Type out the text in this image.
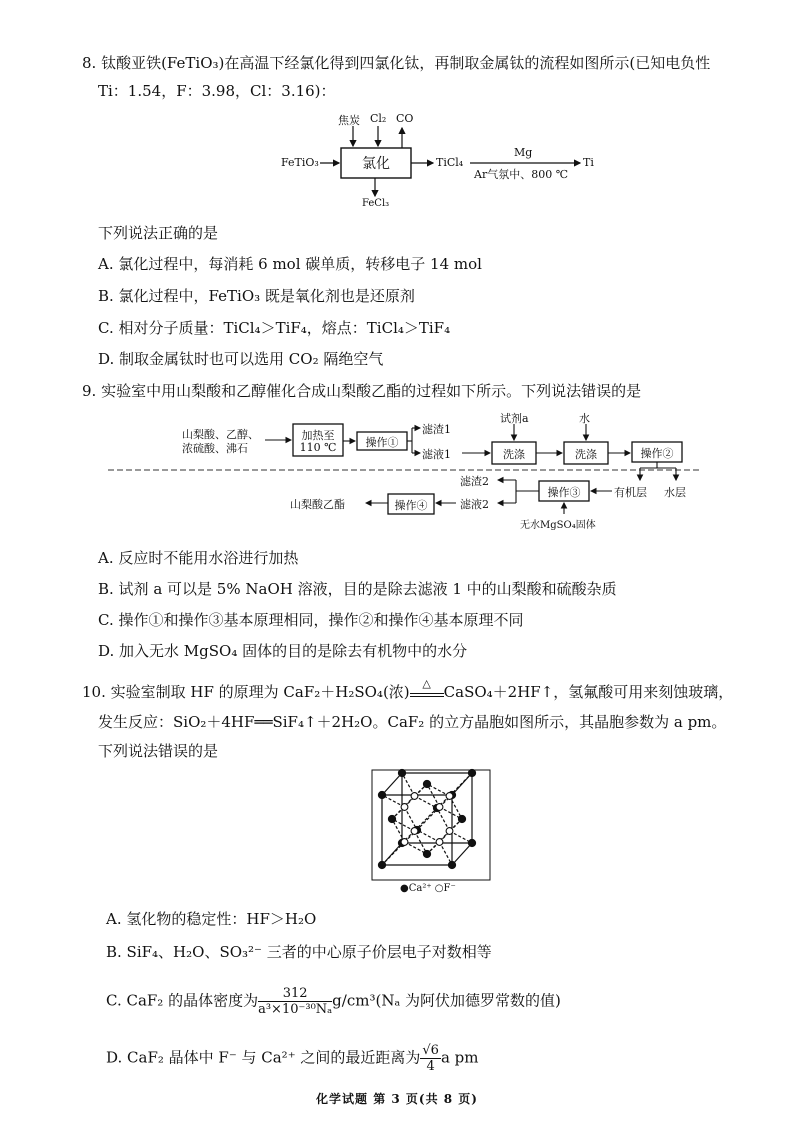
8. 钛酸亚铁(FeTiO₃)在高温下经氯化得到四氯化钛，再制取金属钛的流程如图所示(已知电负性
Ti：1.54，F：3.98，Cl：3.16)：
FeTiO₃	氯化
焦炭 Cl₂ CO
FeCl₃
TiCl₄
Mg
Ar气氛中、800 ℃
Ti
下列说法正确的是
A. 氯化过程中，每消耗 6 mol 碳单质，转移电子 14 mol
B. 氯化过程中，FeTiO₃ 既是氧化剂也是还原剂
C. 相对分子质量：TiCl₄＞TiF₄，熔点：TiCl₄＞TiF₄
D. 制取金属钛时也可以选用 CO₂ 隔绝空气
9. 实验室中用山梨酸和乙醇催化合成山梨酸乙酯的过程如下所示。下列说法错误的是
山梨酸、乙醇、
浓硫酸、沸石
加热至
110 ℃	操作①
滤渣1
滤液1
试剂a	水
洗涤	洗涤	操作②
有机层 水层
操作③
无水MgSO₄固体
滤渣2
滤液2
操作④
山梨酸乙酯
A. 反应时不能用水浴进行加热
B. 试剂 a 可以是 5% NaOH 溶液，目的是除去滤液 1 中的山梨酸和硫酸杂质
C. 操作①和操作③基本原理相同，操作②和操作④基本原理不同
D. 加入无水 MgSO₄ 固体的目的是除去有机物中的水分
10. 实验室制取 HF 的原理为 CaF₂＋H₂SO₄(浓)	△ CaSO₄＋2HF↑，氢氟酸可用来刻蚀玻璃，
发生反应：SiO₂＋4HF══SiF₄↑＋2H₂O。CaF₂ 的立方晶胞如图所示，其晶胞参数为 a pm。
下列说法错误的是
●Ca²⁺ ○F⁻
A. 氢化物的稳定性：HF＞H₂O
B. SiF₄、H₂O、SO₃²⁻ 三者的中心原子价层电子对数相等
C. CaF₂ 的晶体密度为 $\frac{312}{\text{a³×10⁻³⁰Nₐ}} g/cm^3(N_a$ 为阿伏加德罗常数的值)
D. CaF₂ 晶体中 F⁻ 与 Ca²⁺ 之间的最近距离为 $\frac{√6}{4}$ a pm
化学试题 第 3 页(共 8 页)
